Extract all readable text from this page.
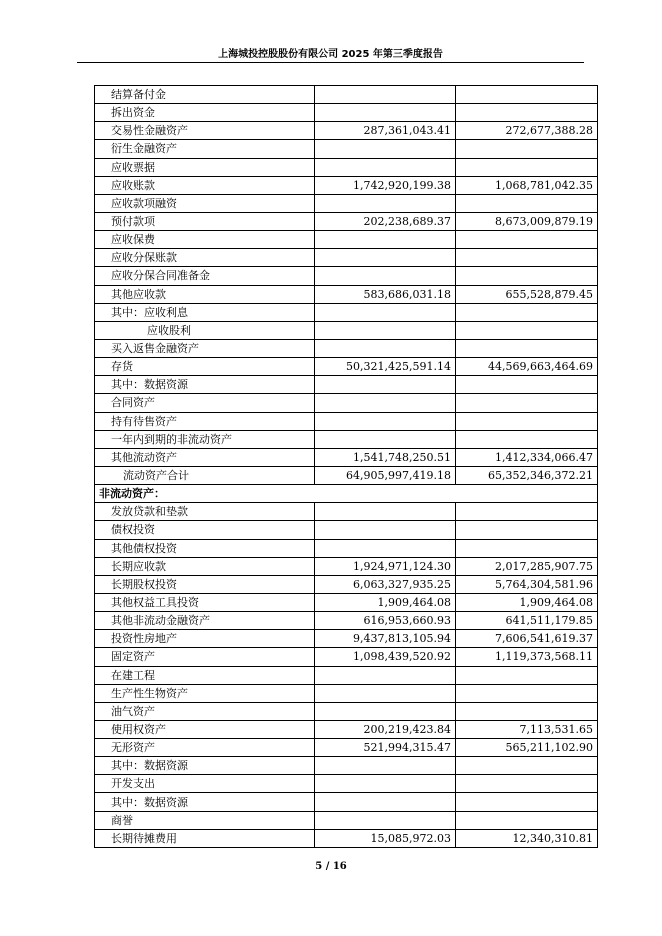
上海城投控股股份有限公司 2025 年第三季度报告
结算备付金		
拆出资金		
交易性金融资产	287,361,043.41	272,677,388.28
衍生金融资产		
应收票据		
应收账款	1,742,920,199.38	1,068,781,042.35
应收款项融资		
预付款项	202,238,689.37	8,673,009,879.19
应收保费		
应收分保账款		
应收分保合同准备金		
其他应收款	583,686,031.18	655,528,879.45
其中：应收利息		
应收股利		
买入返售金融资产		
存货	50,321,425,591.14	44,569,663,464.69
其中：数据资源		
合同资产		
持有待售资产		
一年内到期的非流动资产		
其他流动资产	1,541,748,250.51	1,412,334,066.47
流动资产合计	64,905,997,419.18	65,352,346,372.21
非流动资产：		
发放贷款和垫款		
债权投资		
其他债权投资		
长期应收款	1,924,971,124.30	2,017,285,907.75
长期股权投资	6,063,327,935.25	5,764,304,581.96
其他权益工具投资	1,909,464.08	1,909,464.08
其他非流动金融资产	616,953,660.93	641,511,179.85
投资性房地产	9,437,813,105.94	7,606,541,619.37
固定资产	1,098,439,520.92	1,119,373,568.11
在建工程		
生产性生物资产		
油气资产		
使用权资产	200,219,423.84	7,113,531.65
无形资产	521,994,315.47	565,211,102.90
其中：数据资源		
开发支出		
其中：数据资源		
商誉		
长期待摊费用	15,085,972.03	12,340,310.81
5 / 16
